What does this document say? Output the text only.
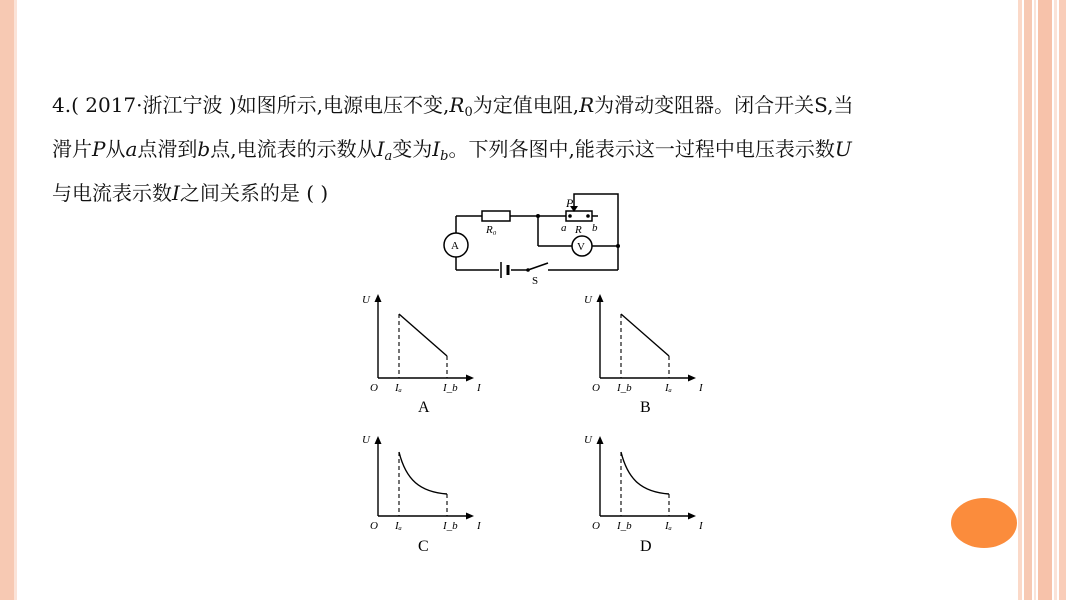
4.( 2017·浙江宁波 )如图所示,电源电压不变$,R_0$为定值电阻,R为滑动变阻器。闭合开关S,当
滑片P从a点滑到b点,电流表的示数从$I_a$变为$I_b$。下列各图中,能表示这一过程中电压表示数U
与电流表示数I之间关系的是 ( )	P
R₀	a R b
A	V
S
U
O Iₐ	I_b I
A
U
O I_b	Iₐ I
B
U
O Iₐ	I_b I
C
U
O I_b	Iₐ I
D
